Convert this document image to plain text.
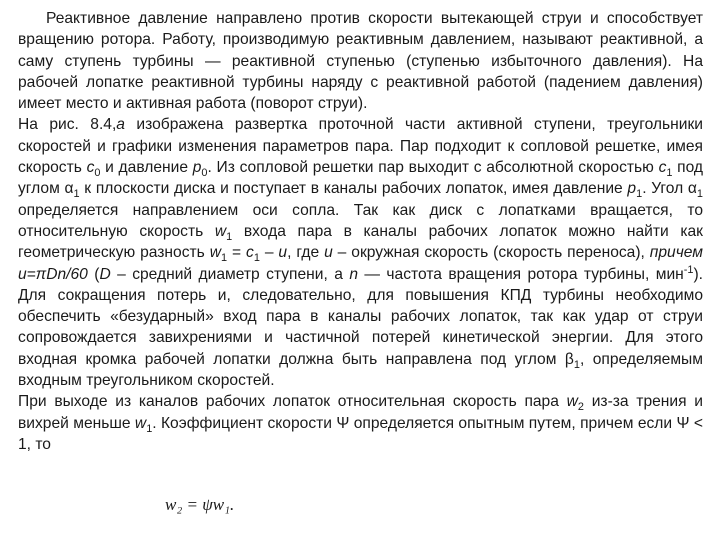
Реактивное давление направлено против скорости вытекающей струи и способствует вращению ротора. Работу, производимую реактивным давлением, называют реактивной, а саму ступень турбины — реактивной ступенью (ступенью избыточного давления). На рабочей лопатке реактивной турбины наряду с реактивной работой (падением давления) имеет место и активная работа (поворот струи).

На рис. 8.4,а изображена развертка проточной части активной ступени, треугольники скоростей и графики изменения параметров пара. Пар подходит к сопловой решетке, имея скорость $c_0$ и давление $p_0$. Из сопловой решетки пар выходит с абсолютной скоростью $c_1$ под углом $\alpha_1$ к плоскости диска и поступает в каналы рабочих лопаток, имея давление $p_1$. Угол $\alpha_1$ определяется направлением оси сопла. Так как диск с лопатками вращается, то относительную скорость $w_1$ входа пара в каналы рабочих лопаток можно найти как геометрическую разность $w_1 = c_1 - u$, где u – окружная скорость (скорость переноса), причем u=πDn/60 (D – средний диаметр ступени, а n — частота вращения ротора турбины, мин$^{-1}$). Для сокращения потерь и, следовательно, для повышения КПД турбины необходимо обеспечить «безударный» вход пара в каналы рабочих лопаток, так как удар от струи сопровождается завихрениями и частичной потерей кинетической энергии. Для этого входная кромка рабочей лопатки должна быть направлена под углом $\beta_1$, определяемым входным треугольником скоростей.

При выходе из каналов рабочих лопаток относительная скорость пара $w_2$ из-за трения и вихрей меньше $w_1$. Коэффициент скорости Ψ определяется опытным путем, причем если Ψ < 1, то

w₂ = ψw₁.
